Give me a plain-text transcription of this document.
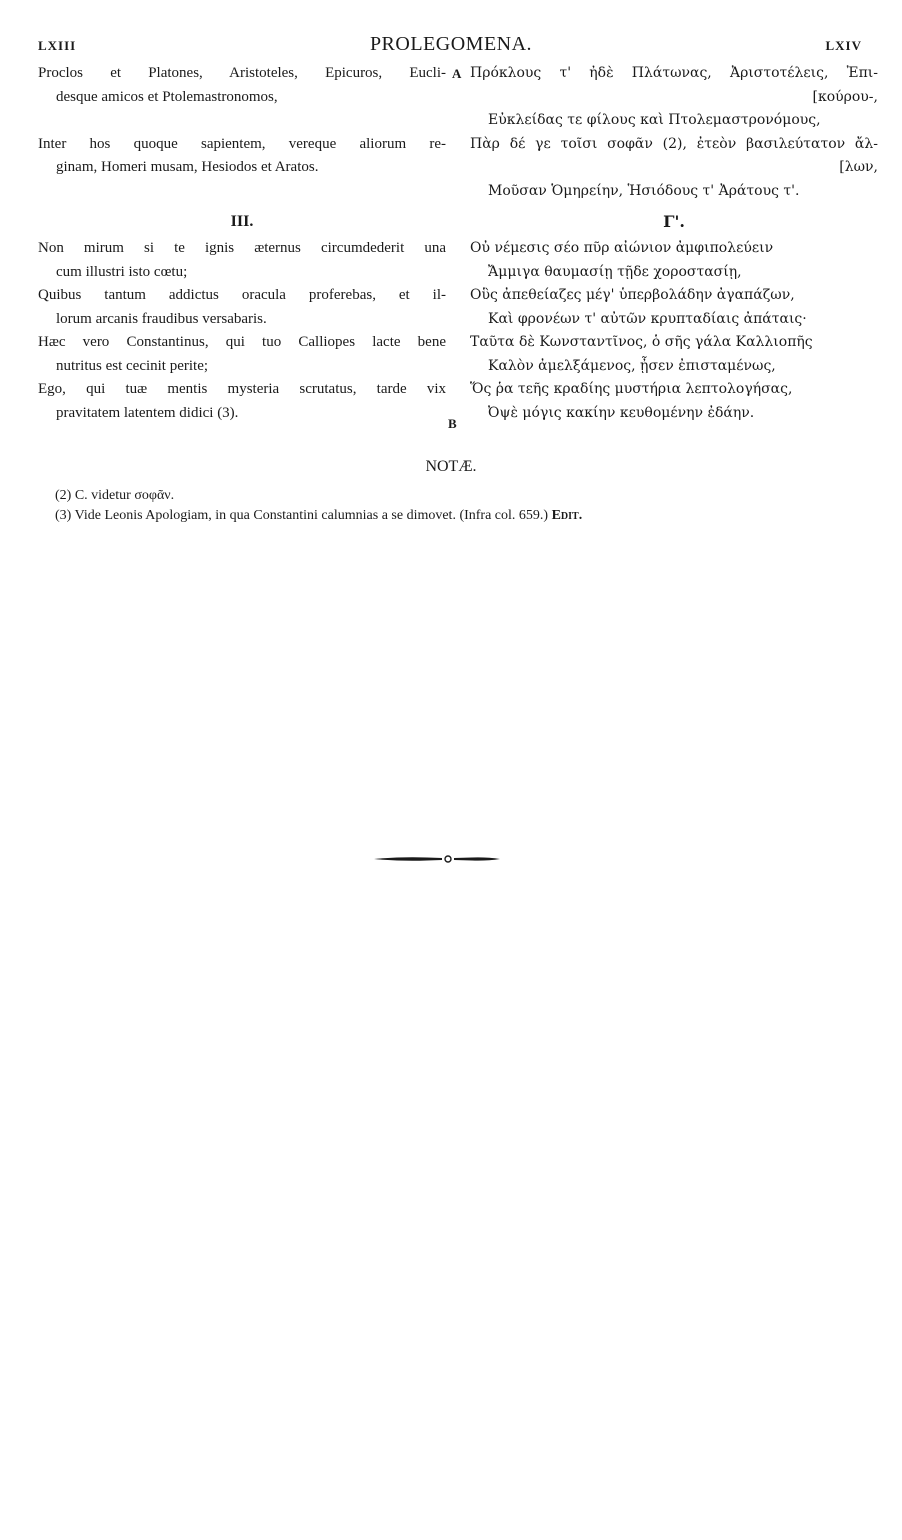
LXIII	PROLEGOMENA.	LXIV
A
B
Proclos et Platones, Aristoteles, Epicuros, Eucli-
desque amicos et Ptolemastronomos,
Inter hos quoque sapientem, vereque aliorum re-
ginam, Homeri musam, Hesiodos et Aratos.
III.
Non mirum si te ignis æternus circumdederit una
cum illustri isto cœtu;
Quibus tantum addictus oracula proferebas, et il-
lorum arcanis fraudibus versabaris.
Hæc vero Constantinus, qui tuo Calliopes lacte bene
nutritus est cecinit perite;
Ego, qui tuæ mentis mysteria scrutatus, tarde vix
pravitatem latentem didici (3).
Πρόκλους τ' ἠδὲ Πλάτωνας, Ἀριστοτέλεις, Ἐπι-
[κούρου-,
Εὐκλείδας τε φίλους καὶ Πτολεμαστρονόμους,
Πὰρ δέ γε τοῖσι σοφᾶν (2), ἐτεὸν βασιλεύτατον ἄλ-
[λων,
Μοῦσαν Ὁμηρείην, Ἡσιόδους τ' Ἀράτους τ'.
Γ'.
Οὐ νέμεσις σέο πῦρ αἰώνιον ἀμφιπολεύειν
Ἄμμιγα θαυμασίῃ τῇδε χοροστασίῃ,
Οὓς ἀπεθείαζες μέγ' ὑπερβολάδην ἀγαπάζων,
Καὶ φρονέων τ' αὐτῶν κρυπταδίαις ἀπάταις·
Ταῦτα δὲ Κωνσταντῖνος, ὁ σῆς γάλα Καλλιοπῆς
Καλὸν ἀμελξάμενος, ᾖσεν ἐπισταμένως,
Ὅς ῥα τεῆς κραδίης μυστήρια λεπτολογήσας,
Ὀψὲ μόγις κακίην κευθομένην ἐδάην.
NOTÆ.
(2) C. videtur σοφᾶν.
(3) Vide Leonis Apologiam, in qua Constantini calumnias a se dimovet. (Infra col. 659.) Edit.
